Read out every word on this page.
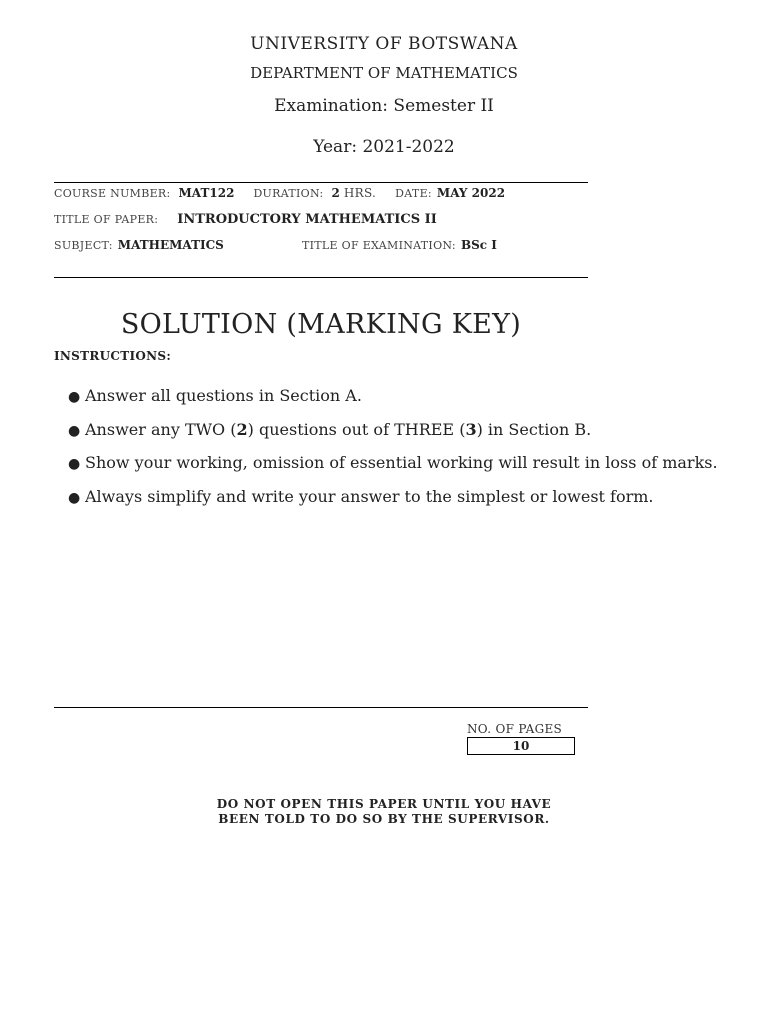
UNIVERSITY OF BOTSWANA
DEPARTMENT OF MATHEMATICS
Examination: Semester II
Year: 2021-2022
COURSE NUMBER: MAT122 DURATION: 2 HRS. DATE: MAY 2022
TITLE OF PAPER: INTRODUCTORY MATHEMATICS II
SUBJECT: MATHEMATICS	TITLE OF EXAMINATION: BSc I
SOLUTION (MARKING KEY)
INSTRUCTIONS:
● Answer all questions in Section A.
● Answer any TWO (2) questions out of THREE (3) in Section B.
● Show your working, omission of essential working will result in loss of marks.
● Always simplify and write your answer to the simplest or lowest form.
NO. OF PAGES
10
DO NOT OPEN THIS PAPER UNTIL YOU HAVE
BEEN TOLD TO DO SO BY THE SUPERVISOR.
